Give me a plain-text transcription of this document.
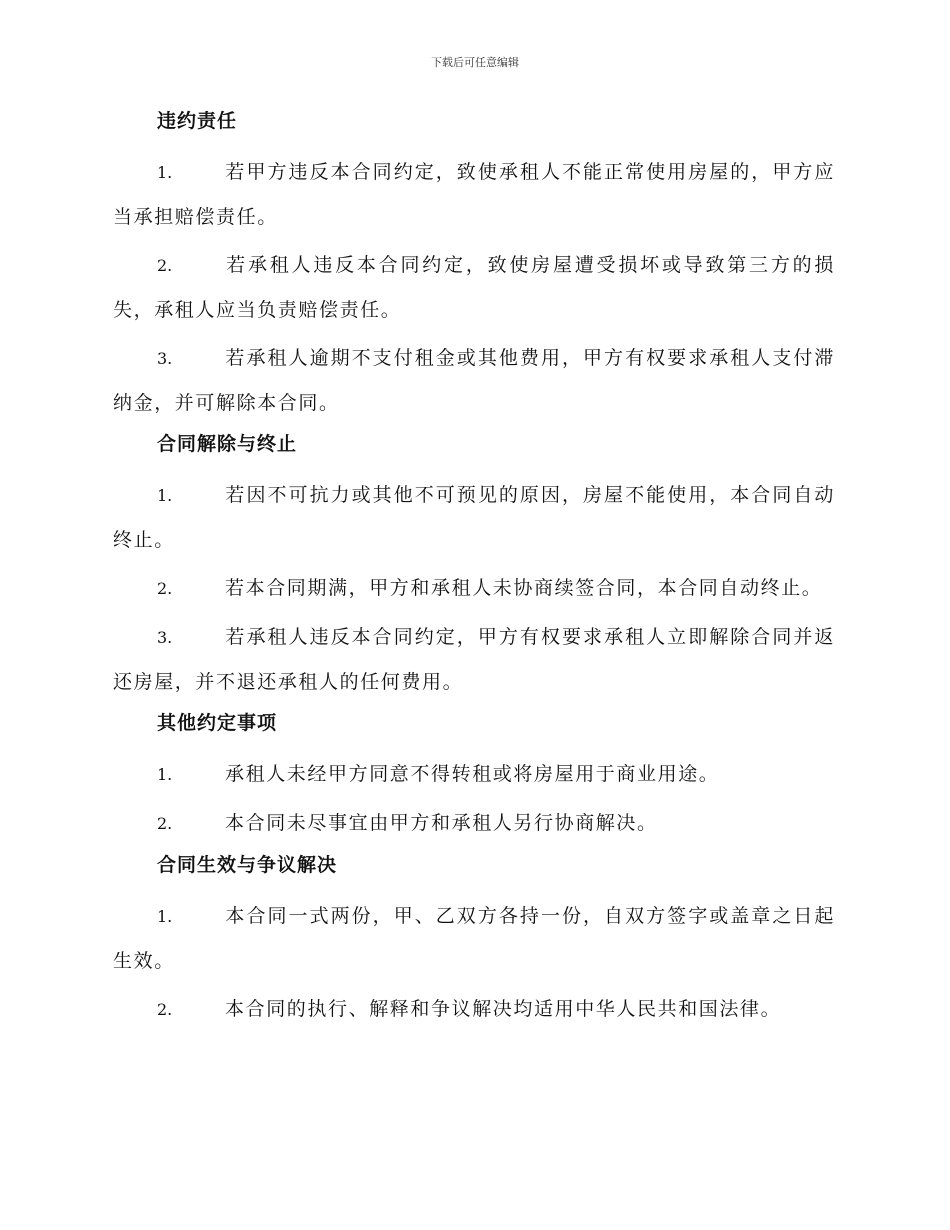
下载后可任意编辑
违约责任
1.	若甲方违反本合同约定，致使承租人不能正常使用房屋的，甲方应当承担赔偿责任。
2.	若承租人违反本合同约定，致使房屋遭受损坏或导致第三方的损失，承租人应当负责赔偿责任。
3.	若承租人逾期不支付租金或其他费用，甲方有权要求承租人支付滞纳金，并可解除本合同。
合同解除与终止
1.	若因不可抗力或其他不可预见的原因，房屋不能使用，本合同自动终止。
2.	若本合同期满，甲方和承租人未协商续签合同，本合同自动终止。
3.	若承租人违反本合同约定，甲方有权要求承租人立即解除合同并返还房屋，并不退还承租人的任何费用。
其他约定事项
1.	承租人未经甲方同意不得转租或将房屋用于商业用途。
2.	本合同未尽事宜由甲方和承租人另行协商解决。
合同生效与争议解决
1.	本合同一式两份，甲、乙双方各持一份，自双方签字或盖章之日起生效。
2.	本合同的执行、解释和争议解决均适用中华人民共和国法律。
